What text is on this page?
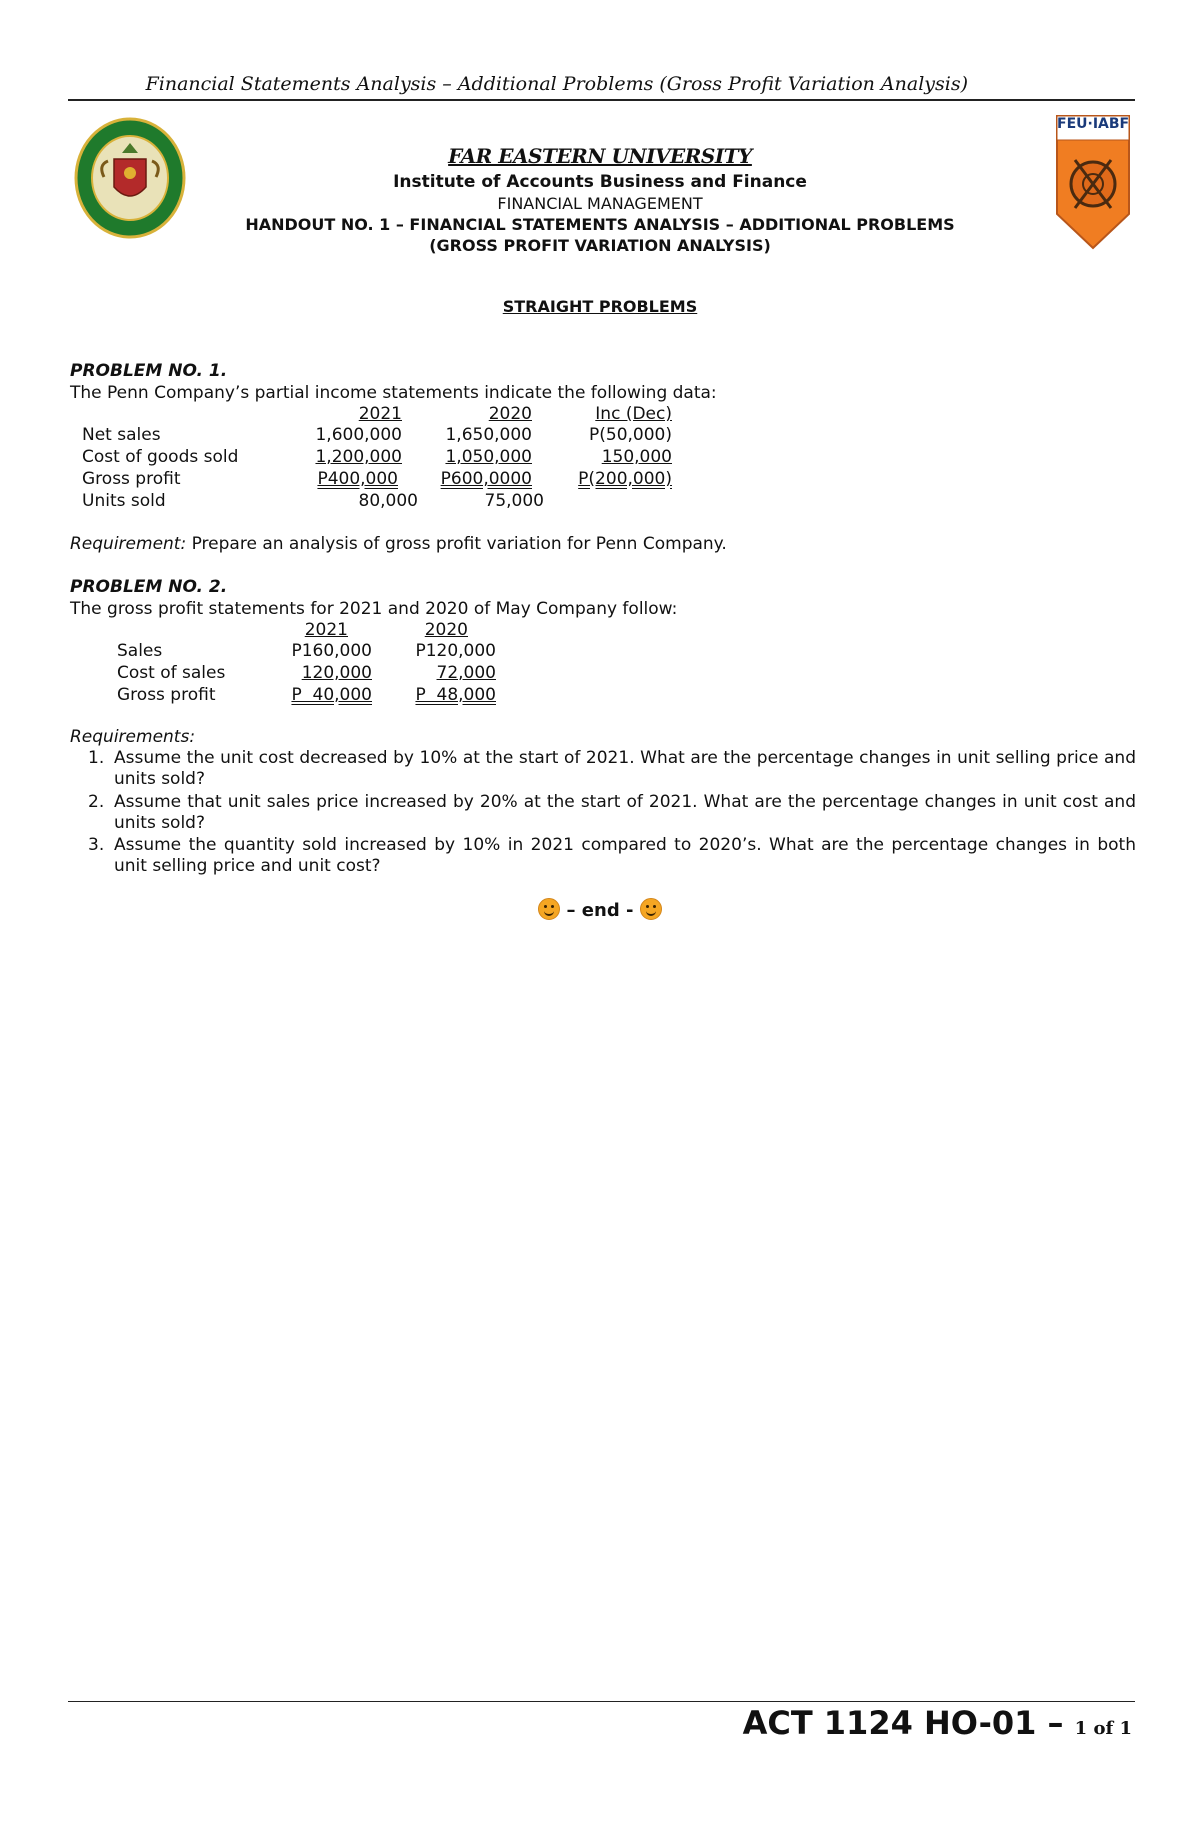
Financial Statements Analysis – Additional Problems (Gross Profit Variation Analysis)
FEU·IABF
FAR EASTERN UNIVERSITY
Institute of Accounts Business and Finance
FINANCIAL MANAGEMENT
HANDOUT NO. 1 – FINANCIAL STATEMENTS ANALYSIS – ADDITIONAL PROBLEMS
(GROSS PROFIT VARIATION ANALYSIS)
STRAIGHT PROBLEMS
PROBLEM NO. 1.
The Penn Company’s partial income statements indicate the following data:
2021	2020	Inc (Dec)
Net sales	1,600,000	1,650,000	P(50,000)
Cost of goods sold	1,200,000	1,050,000	150,000
Gross profit	P400,000	P600,0000	P(200,000)
Units sold	80,000	75,000
Requirement: Prepare an analysis of gross profit variation for Penn Company.
PROBLEM NO. 2.
The gross profit statements for 2021 and 2020 of May Company follow:
2021	2020
Sales	P160,000	P120,000
Cost of sales	120,000	72,000
Gross profit	P  40,000	P  48,000
Requirements:
1. Assume the unit cost decreased by 10% at the start of 2021. What are the percentage changes in unit selling price and units sold?
2. Assume that unit sales price increased by 20% at the start of 2021. What are the percentage changes in unit cost and units sold?
3. Assume the quantity sold increased by 10% in 2021 compared to 2020’s. What are the percentage changes in both unit selling price and unit cost?
– end -
ACT 1124 HO-01 – 1 of 1
